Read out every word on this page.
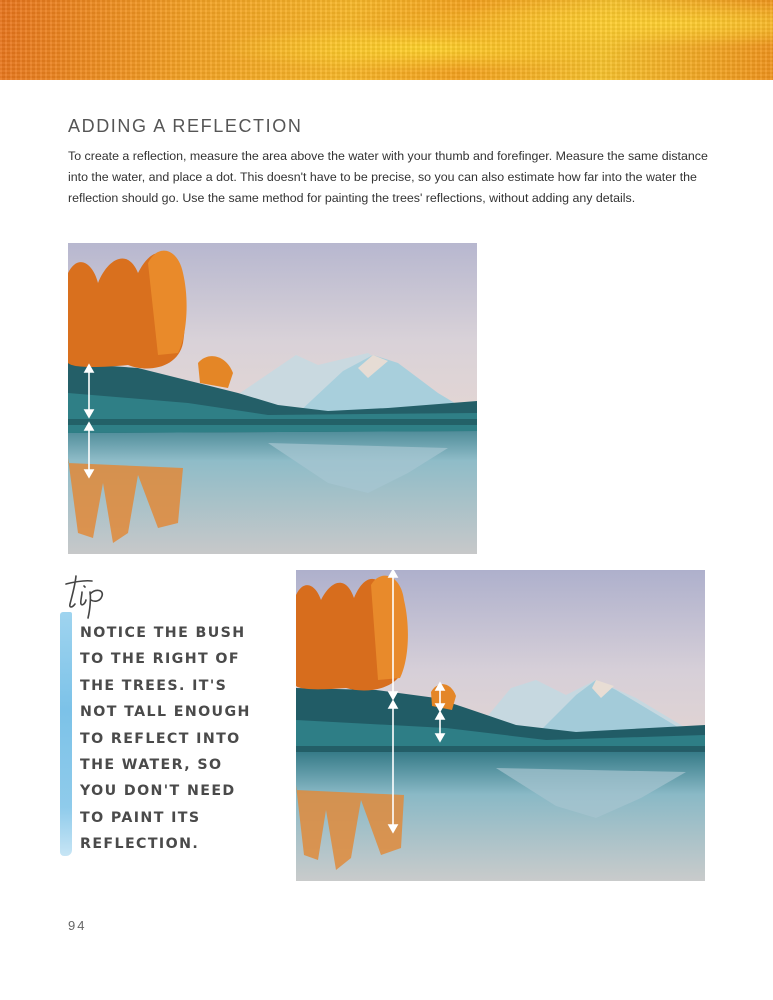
ADDING A REFLECTION

To create a reflection, measure the area above the water with your thumb and forefinger. Measure the same distance into the water, and place a dot. This doesn't have to be precise, so you can also estimate how far into the water the reflection should go. Use the same method for painting the trees' reflections, without adding any details.

tip

NOTICE THE BUSH TO THE RIGHT OF THE TREES. IT'S NOT TALL ENOUGH TO REFLECT INTO THE WATER, SO YOU DON'T NEED TO PAINT ITS REFLECTION.

94
